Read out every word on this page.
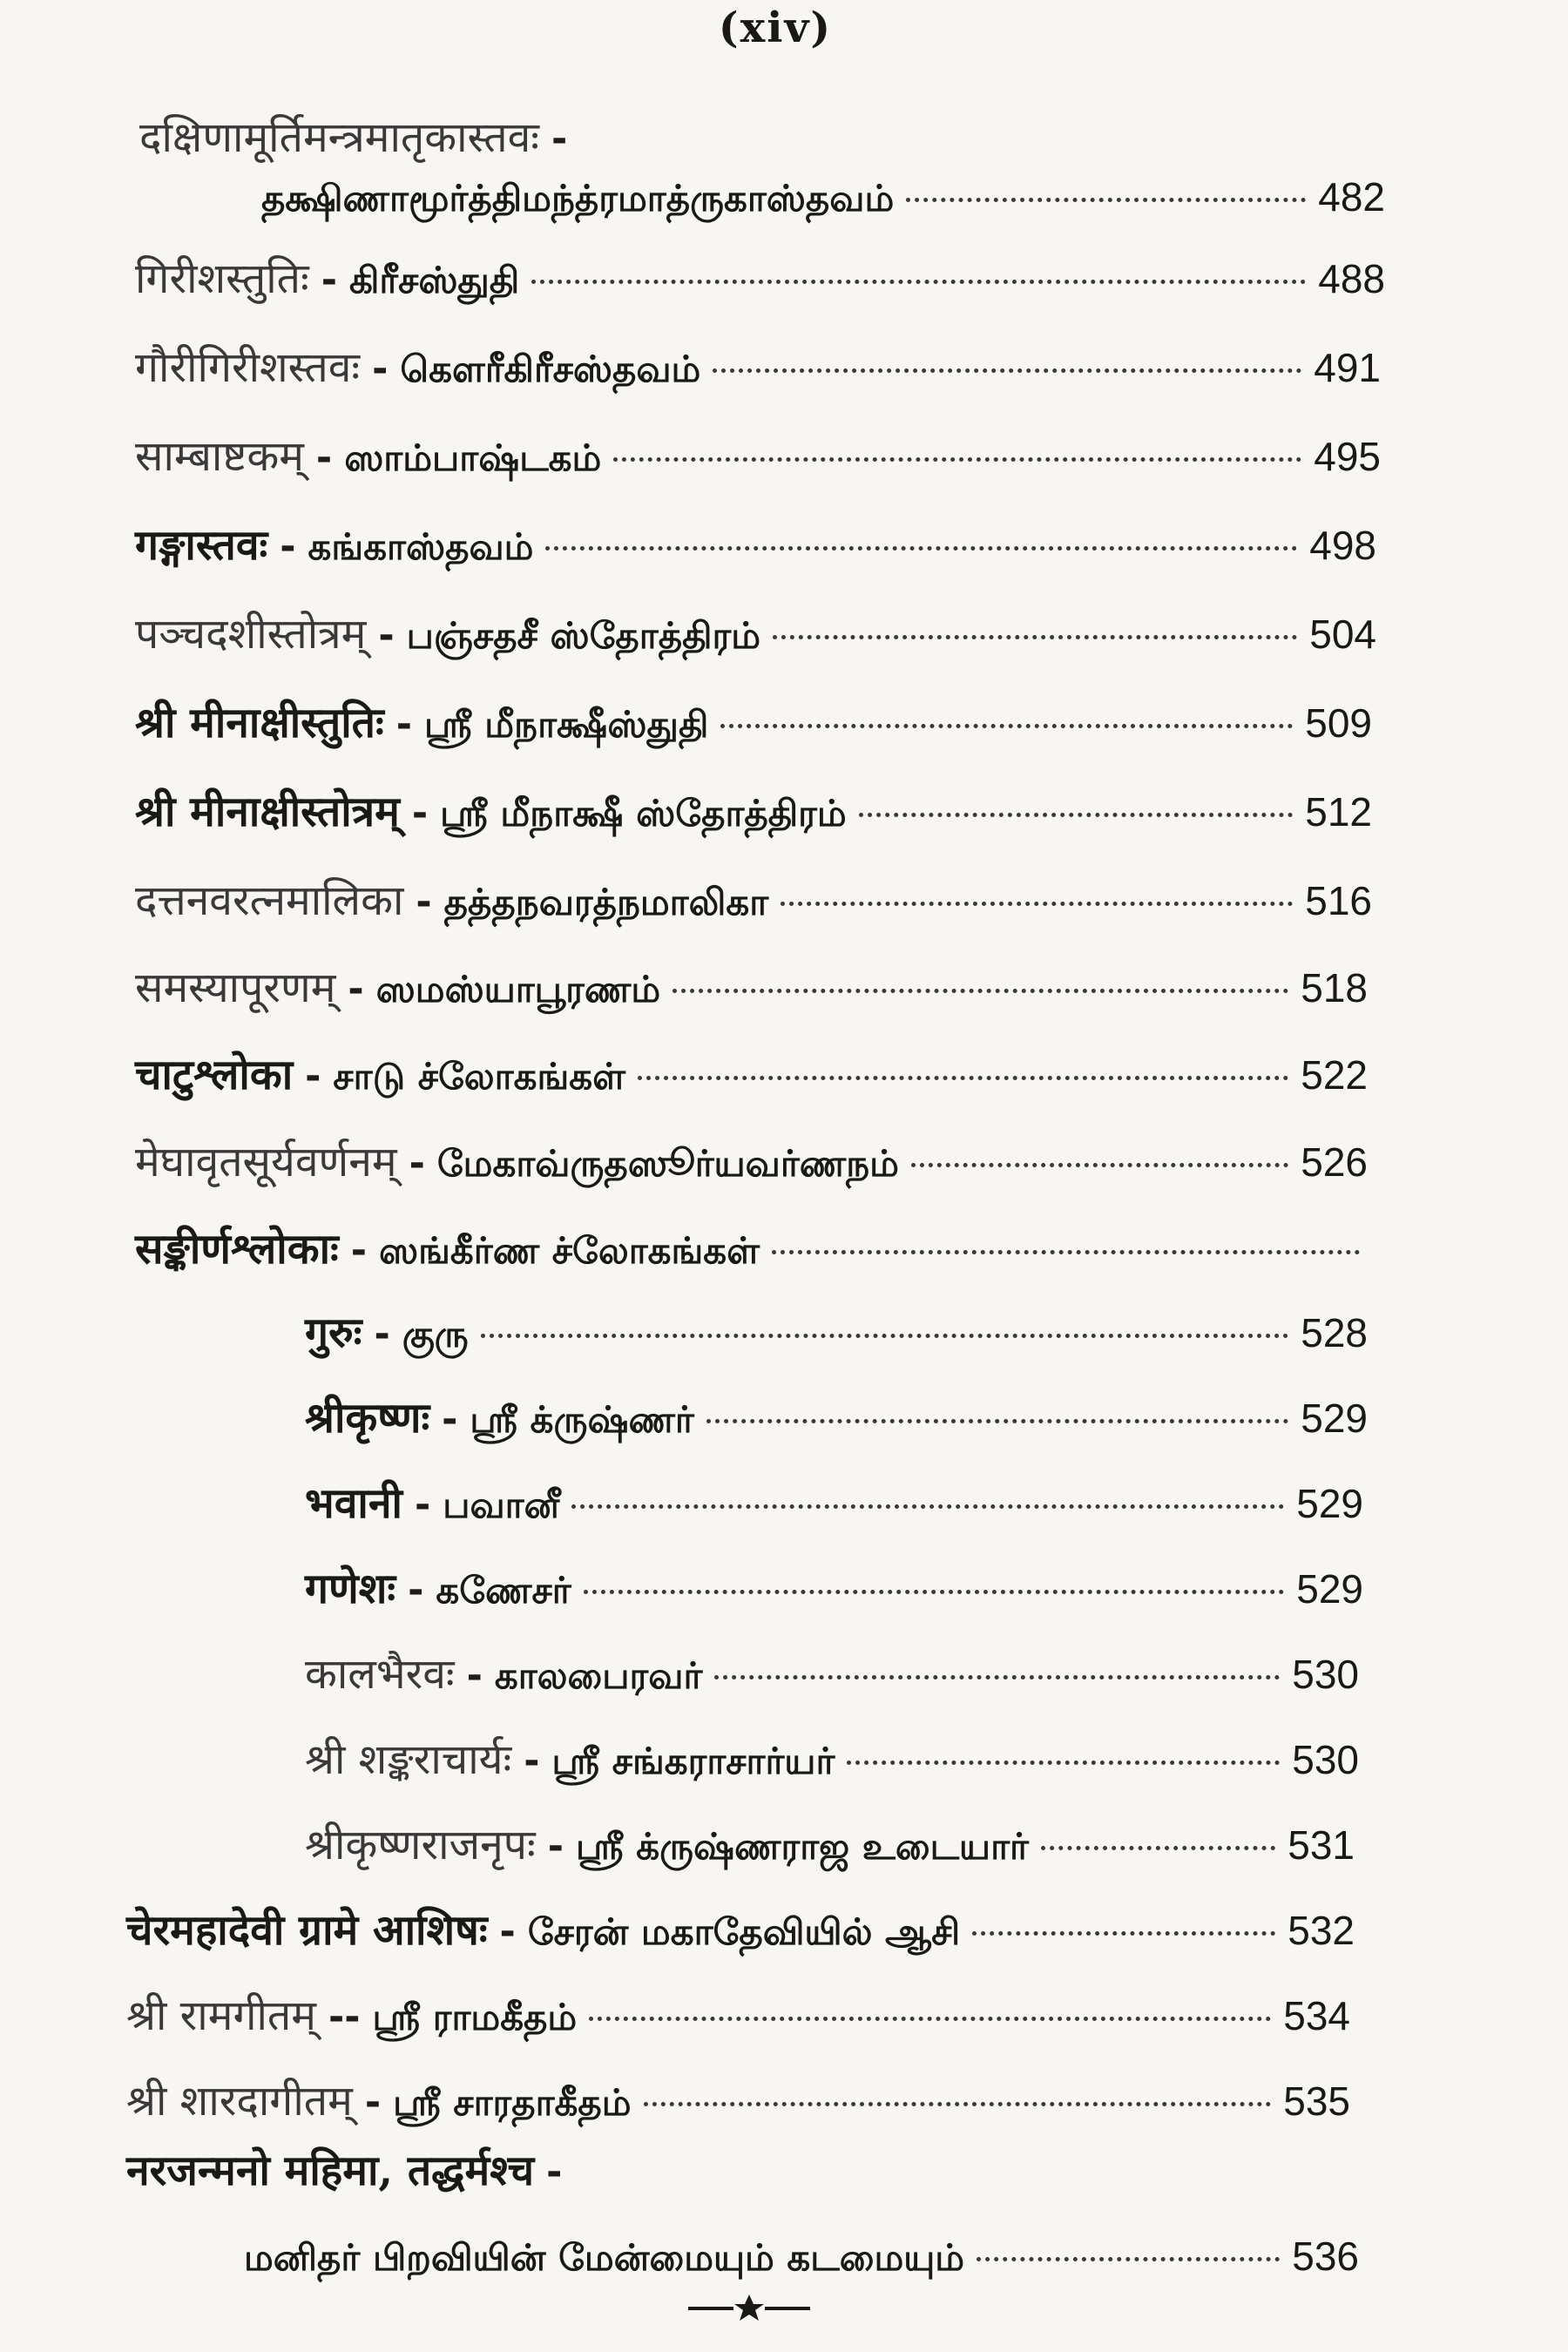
(xiv)
दक्षिणामूर्तिमन्त्रमातृकास्तवः -
தக்ஷிணாமூர்த்திமந்த்ரமாத்ருகாஸ்தவம்	482
गिरीशस्तुतिः - கிரீசஸ்துதி	488
गौरीगिरीशस्तवः - கௌரீகிரீசஸ்தவம்	491
साम्बाष्टकम् - ஸாம்பாஷ்டகம்	495
गङ्गास्तवः - கங்காஸ்தவம்	498
पञ्चदशीस्तोत्रम् - பஞ்சதசீ ஸ்தோத்திரம்	504
श्री मीनाक्षीस्तुतिः - ஸ்ரீ மீநாக்ஷீஸ்துதி	509
श्री मीनाक्षीस्तोत्रम् - ஸ்ரீ மீநாக்ஷீ ஸ்தோத்திரம்	512
दत्तनवरत्नमालिका - தத்தநவரத்நமாலிகா	516
समस्यापूरणम् - ஸமஸ்யாபூரணம்	518
चाटुश्लोका - சாடு ச்லோகங்கள்	522
मेघावृतसूर्यवर्णनम् - மேகாவ்ருதஸூர்யவர்ணநம்	526
सङ्कीर्णश्लोकाः - ஸங்கீர்ண ச்லோகங்கள்
गुरुः - குரு	528
श्रीकृष्णः - ஸ்ரீ க்ருஷ்ணர்	529
भवानी - பவானீ	529
गणेशः - கணேசர்	529
कालभैरवः - காலபைரவர்	530
श्री शङ्कराचार्यः - ஸ்ரீ சங்கராசார்யர்	530
श्रीकृष्णराजनृपः - ஸ்ரீ க்ருஷ்ணராஜ உடையார்	531
चेरमहादेवी ग्रामे आशिषः - சேரன் மகாதேவியில் ஆசி	532
श्री रामगीतम् -- ஸ்ரீ ராமகீதம்	534
श्री शारदागीतम् - ஸ்ரீ சாரதாகீதம்	535
नरजन्मनो महिमा, तद्धर्मश्च -
மனிதர் பிறவியின் மேன்மையும் கடமையும்	536
